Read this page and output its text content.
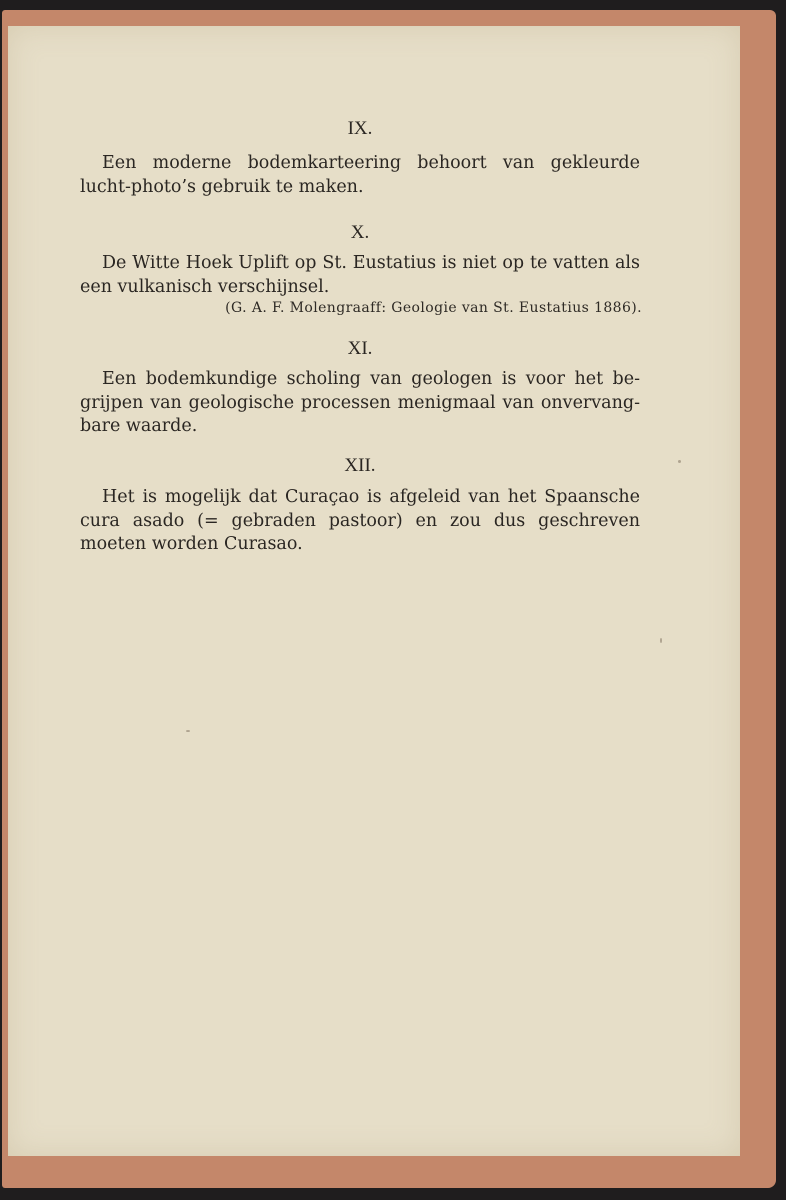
IX.

Een moderne bodemkarteering behoort van gekleurde lucht-photo’s gebruik te maken.

X.

De Witte Hoek Uplift op St. Eustatius is niet op te vatten als een vulkanisch verschijnsel.

(G. A. F. Molengraaff: Geologie van St. Eustatius 1886).
XI.

Een bodemkundige scholing van geologen is voor het be-grijpen van geologische processen menigmaal van onvervang-bare waarde.

XII.

Het is mogelijk dat Curaçao is afgeleid van het Spaansche cura asado (= gebraden pastoor) en zou dus geschreven moeten worden Curasao.
